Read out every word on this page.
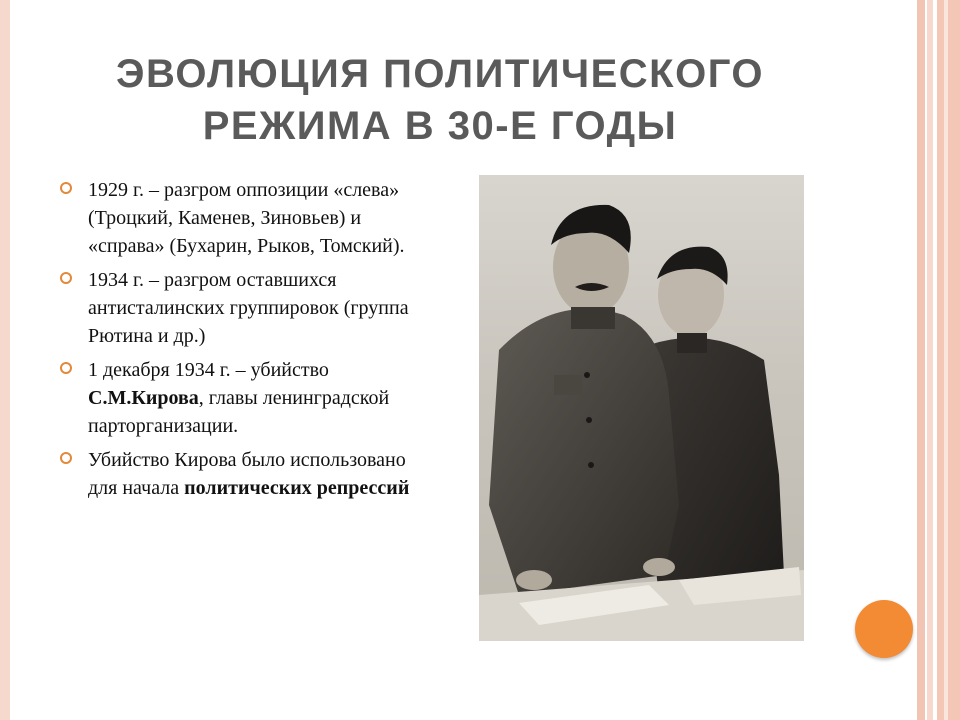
ЭВОЛЮЦИЯ ПОЛИТИЧЕСКОГО
РЕЖИМА В 30-Е ГОДЫ
1929 г. – разгром оппозиции «слева» (Троцкий, Каменев, Зиновьев) и «справа» (Бухарин, Рыков, Томский).
1934 г. – разгром оставшихся антисталинских группировок (группа Рютина и др.)
1 декабря 1934 г. – убийство С.М.Кирова, главы ленинградской парторганизации.
Убийство Кирова было использовано для начала политических репрессий
